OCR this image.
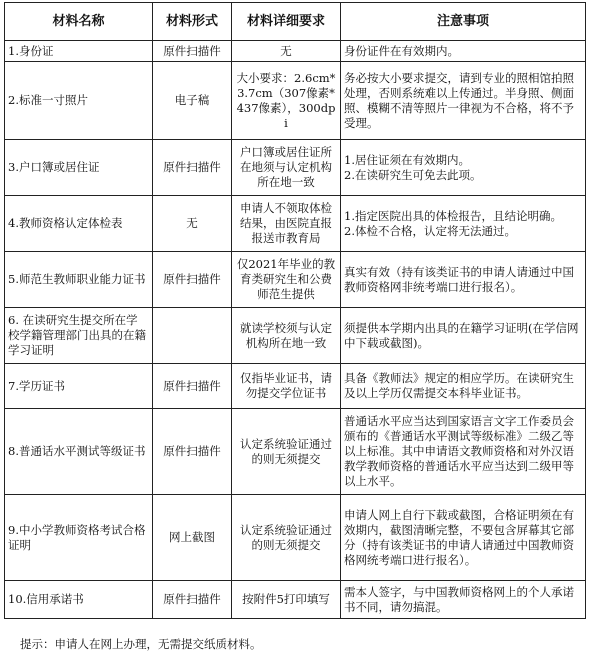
材料名称	材料形式	材料详细要求	注意事项
1.身份证	原件扫描件	无	身份证件在有效期内。
2.标准一寸照片	电子稿	大小要求：2.6cm*3.7cm（307像素*437像素），300dpi	务必按大小要求提交，请到专业的照相馆拍照处理，否则系统难以上传通过。半身照、侧面照、模糊不清等照片一律视为不合格，将不予受理。
3.户口簿或居住证	原件扫描件	户口簿或居住证所在地须与认定机构所在地一致	1.居住证须在有效期内。
2.在读研究生可免去此项。

4.教师资格认定体检表	无	申请人不领取体检结果，由医院直报报送市教育局	1.指定医院出具的体检报告，且结论明确。
2.体检不合格，认定将无法通过。

5.师范生教师职业能力证书	原件扫描件	仅2021年毕业的教育类研究生和公费师范生提供	真实有效（持有该类证书的申请人请通过中国教师资格网非统考端口进行报名）。
6. 在读研究生提交所在学校学籍管理部门出具的在籍学习证明		就读学校须与认定机构所在地一致	须提供本学期内出具的在籍学习证明(在学信网中下载或截图)。
7.学历证书	原件扫描件	仅指毕业证书，请勿提交学位证书	具备《教师法》规定的相应学历。在读研究生及以上学历仅需提交本科毕业证书。
8.普通话水平测试等级证书	原件扫描件	认定系统验证通过的则无须提交	普通话水平应当达到国家语言文字工作委员会颁布的《普通话水平测试等级标准》二级乙等以上标准。其中申请语文教师资格和对外汉语教学教师资格的普通话水平应当达到二级甲等以上水平。
9.中小学教师资格考试合格证明	网上截图	认定系统验证通过的则无须提交	申请人网上自行下载或截图，合格证明须在有效期内，截图清晰完整，不要包含屏幕其它部分（持有该类证书的申请人请通过中国教师资格网统考端口进行报名）。
10.信用承诺书	原件扫描件	按附件5打印填写	需本人签字，与中国教师资格网上的个人承诺书不同，请勿搞混。
提示：申请人在网上办理，无需提交纸质材料。
